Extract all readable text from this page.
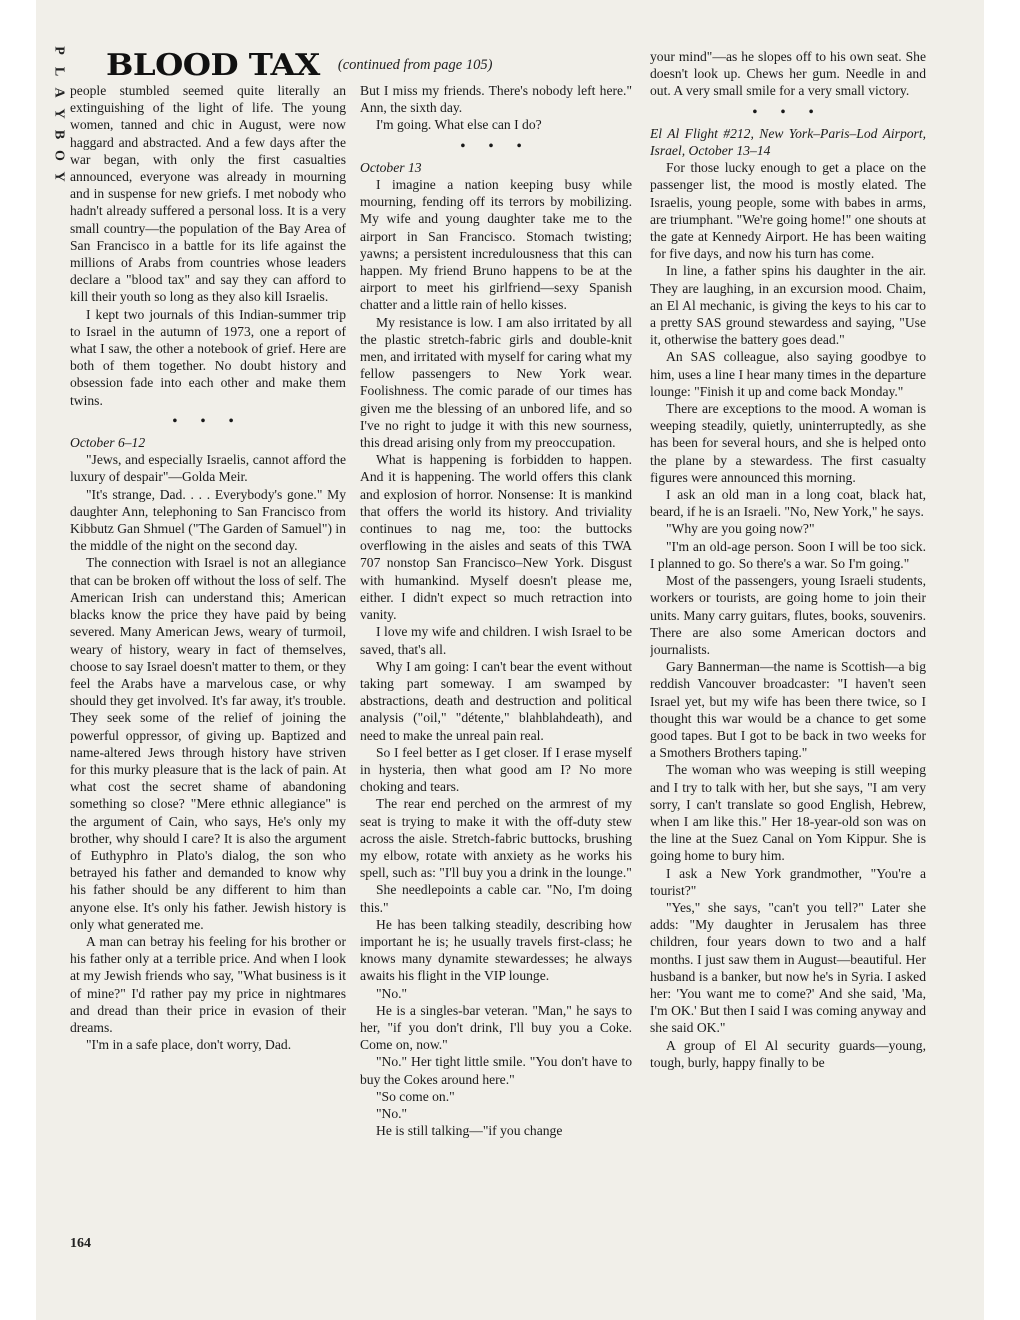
P
L
A
Y
B
O
Y
BLOOD TAX (continued from page 105)

people stumbled seemed quite literally an extinguishing of the light of life. The young women, tanned and chic in August, were now haggard and abstracted. And a few days after the war began, with only the first casualties announced, everyone was already in mourning and in suspense for new griefs. I met nobody who hadn't already suffered a personal loss. It is a very small country—the population of the Bay Area of San Francisco in a battle for its life against the millions of Arabs from countries whose leaders declare a "blood tax" and say they can afford to kill their youth so long as they also kill Israelis.

I kept two journals of this Indian-summer trip to Israel in the autumn of 1973, one a report of what I saw, the other a notebook of grief. Here are both of them together. No doubt history and obsession fade into each other and make them twins.

• • •

October 6–12

"Jews, and especially Israelis, cannot afford the luxury of despair"—Golda Meir.

"It's strange, Dad. . . . Everybody's gone." My daughter Ann, telephoning to San Francisco from Kibbutz Gan Shmuel ("The Garden of Samuel") in the middle of the night on the second day.

The connection with Israel is not an allegiance that can be broken off without the loss of self. The American Irish can understand this; American blacks know the price they have paid by being severed. Many American Jews, weary of turmoil, weary of history, weary in fact of themselves, choose to say Israel doesn't matter to them, or they feel the Arabs have a marvelous case, or why should they get involved. It's far away, it's trouble. They seek some of the relief of joining the powerful oppressor, of giving up. Baptized and name-altered Jews through history have striven for this murky pleasure that is the lack of pain. At what cost the secret shame of abandoning something so close? "Mere ethnic allegiance" is the argument of Cain, who says, He's only my brother, why should I care? It is also the argument of Euthyphro in Plato's dialog, the son who betrayed his father and demanded to know why his father should be any different to him than anyone else. It's only his father. Jewish history is only what generated me.

A man can betray his feeling for his brother or his father only at a terrible price. And when I look at my Jewish friends who say, "What business is it of mine?" I'd rather pay my price in nightmares and dread than their price in evasion of their dreams.

"I'm in a safe place, don't worry, Dad.

But I miss my friends. There's nobody left here." Ann, the sixth day.

I'm going. What else can I do?

• • •

October 13

I imagine a nation keeping busy while mourning, fending off its terrors by mobilizing. My wife and young daughter take me to the airport in San Francisco. Stomach twisting; yawns; a persistent incredulousness that this can happen. My friend Bruno happens to be at the airport to meet his girlfriend—sexy Spanish chatter and a little rain of hello kisses.

My resistance is low. I am also irritated by all the plastic stretch-fabric girls and double-knit men, and irritated with myself for caring what my fellow passengers to New York wear. Foolishness. The comic parade of our times has given me the blessing of an unbored life, and so I've no right to judge it with this new sourness, this dread arising only from my preoccupation.

What is happening is forbidden to happen. And it is happening. The world offers this clank and explosion of horror. Nonsense: It is mankind that offers the world its history. And triviality continues to nag me, too: the buttocks overflowing in the aisles and seats of this TWA 707 nonstop San Francisco–New York. Disgust with humankind. Myself doesn't please me, either. I didn't expect so much retraction into vanity.

I love my wife and children. I wish Israel to be saved, that's all.

Why I am going: I can't bear the event without taking part someway. I am swamped by abstractions, death and destruction and political analysis ("oil," "détente," blahblahdeath), and need to make the unreal pain real.

So I feel better as I get closer. If I erase myself in hysteria, then what good am I? No more choking and tears.

The rear end perched on the armrest of my seat is trying to make it with the off-duty stew across the aisle. Stretch-fabric buttocks, brushing my elbow, rotate with anxiety as he works his spell, such as: "I'll buy you a drink in the lounge."

She needlepoints a cable car. "No, I'm doing this."

He has been talking steadily, describing how important he is; he usually travels first-class; he knows many dynamite stewardesses; he always awaits his flight in the VIP lounge.

"No."

He is a singles-bar veteran. "Man," he says to her, "if you don't drink, I'll buy you a Coke. Come on, now."

"No." Her tight little smile. "You don't have to buy the Cokes around here."

"So come on."

"No."

He is still talking—"if you change

your mind"—as he slopes off to his own seat. She doesn't look up. Chews her gum. Needle in and out. A very small smile for a very small victory.

• • •

El Al Flight #212, New York–Paris–Lod Airport, Israel, October 13–14

For those lucky enough to get a place on the passenger list, the mood is mostly elated. The Israelis, young people, some with babes in arms, are triumphant. "We're going home!" one shouts at the gate at Kennedy Airport. He has been waiting for five days, and now his turn has come.

In line, a father spins his daughter in the air. They are laughing, in an excursion mood. Chaim, an El Al mechanic, is giving the keys to his car to a pretty SAS ground stewardess and saying, "Use it, otherwise the battery goes dead."

An SAS colleague, also saying goodbye to him, uses a line I hear many times in the departure lounge: "Finish it up and come back Monday."

There are exceptions to the mood. A woman is weeping steadily, quietly, uninterruptedly, as she has been for several hours, and she is helped onto the plane by a stewardess. The first casualty figures were announced this morning.

I ask an old man in a long coat, black hat, beard, if he is an Israeli. "No, New York," he says.

"Why are you going now?"

"I'm an old-age person. Soon I will be too sick. I planned to go. So there's a war. So I'm going."

Most of the passengers, young Israeli students, workers or tourists, are going home to join their units. Many carry guitars, flutes, books, souvenirs. There are also some American doctors and journalists.

Gary Bannerman—the name is Scottish—a big reddish Vancouver broadcaster: "I haven't seen Israel yet, but my wife has been there twice, so I thought this war would be a chance to get some good tapes. But I got to be back in two weeks for a Smothers Brothers taping."

The woman who was weeping is still weeping and I try to talk with her, but she says, "I am very sorry, I can't translate so good English, Hebrew, when I am like this." Her 18-year-old son was on the line at the Suez Canal on Yom Kippur. She is going home to bury him.

I ask a New York grandmother, "You're a tourist?"

"Yes," she says, "can't you tell?" Later she adds: "My daughter in Jerusalem has three children, four years down to two and a half months. I just saw them in August—beautiful. Her husband is a banker, but now he's in Syria. I asked her: 'You want me to come?' And she said, 'Ma, I'm OK.' But then I said I was coming anyway and she said OK."

A group of El Al security guards—young, tough, burly, happy finally to be

164
